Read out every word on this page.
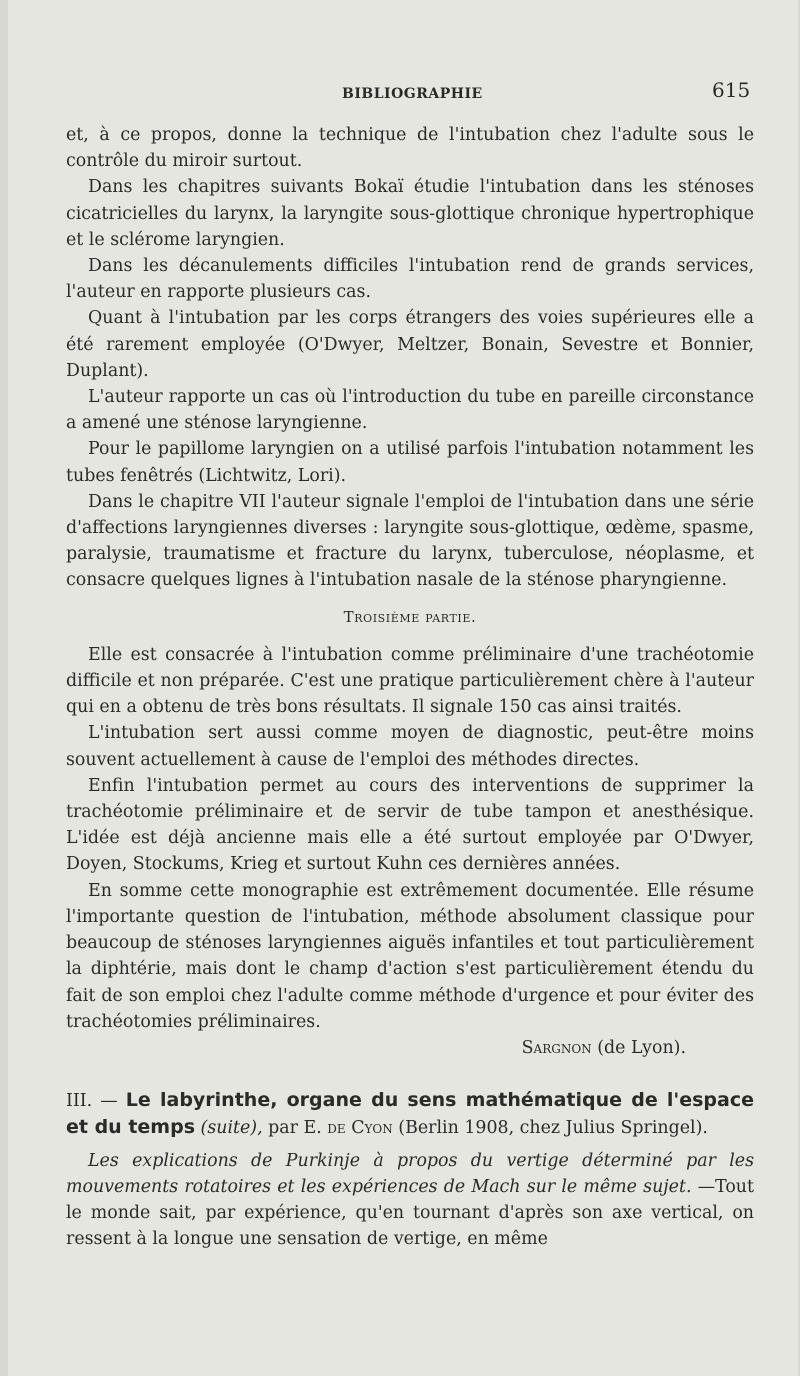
BIBLIOGRAPHIE	615

et, à ce propos, donne la technique de l'intubation chez l'adulte sous le contrôle du miroir surtout.

Dans les chapitres suivants Bokaï étudie l'intubation dans les sténoses cicatricielles du larynx, la laryngite sous-glottique chronique hypertrophique et le sclérome laryngien.

Dans les décanulements difficiles l'intubation rend de grands services, l'auteur en rapporte plusieurs cas.

Quant à l'intubation par les corps étrangers des voies supérieures elle a été rarement employée (O'Dwyer, Meltzer, Bonain, Sevestre et Bonnier, Duplant).

L'auteur rapporte un cas où l'introduction du tube en pareille circonstance a amené une sténose laryngienne.

Pour le papillome laryngien on a utilisé parfois l'intubation notamment les tubes fenêtrés (Lichtwitz, Lori).

Dans le chapitre VII l'auteur signale l'emploi de l'intubation dans une série d'affections laryngiennes diverses : laryngite sous-glottique, œdème, spasme, paralysie, traumatisme et fracture du larynx, tuberculose, néoplasme, et consacre quelques lignes à l'intubation nasale de la sténose pharyngienne.

Troisième partie.

Elle est consacrée à l'intubation comme préliminaire d'une trachéotomie difficile et non préparée. C'est une pratique particulièrement chère à l'auteur qui en a obtenu de très bons résultats. Il signale 150 cas ainsi traités.

L'intubation sert aussi comme moyen de diagnostic, peut-être moins souvent actuellement à cause de l'emploi des méthodes directes.

Enfin l'intubation permet au cours des interventions de supprimer la trachéotomie préliminaire et de servir de tube tampon et anesthésique. L'idée est déjà ancienne mais elle a été surtout employée par O'Dwyer, Doyen, Stockums, Krieg et surtout Kuhn ces dernières années.

En somme cette monographie est extrêmement documentée. Elle résume l'importante question de l'intubation, méthode absolument classique pour beaucoup de sténoses laryngiennes aiguës infantiles et tout particulièrement la diphtérie, mais dont le champ d'action s'est particulièrement étendu du fait de son emploi chez l'adulte comme méthode d'urgence et pour éviter des trachéotomies préliminaires.

Sargnon (de Lyon).

III. — Le labyrinthe, organe du sens mathématique de l'espace et du temps (suite), par E. de Cyon (Berlin 1908, chez Julius Springel).

Les explications de Purkinje à propos du vertige déterminé par les mouvements rotatoires et les expériences de Mach sur le même sujet. —Tout le monde sait, par expérience, qu'en tournant d'après son axe vertical, on ressent à la longue une sensation de vertige, en même
